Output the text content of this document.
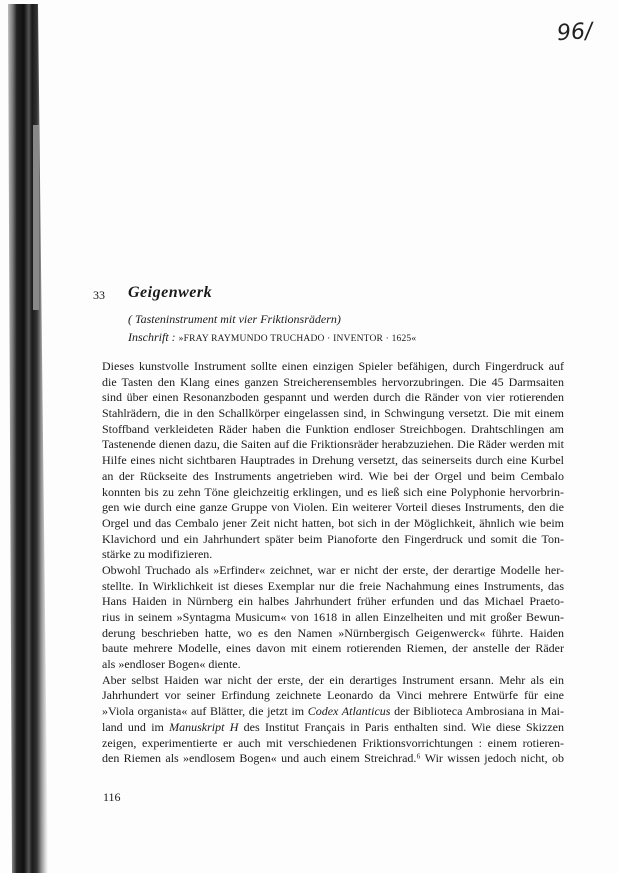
96/
33 Geigenwerk
( Tasteninstrument mit vier Friktionsrädern)
Inschrift : »FRAY RAYMUNDO TRUCHADO · INVENTOR · 1625«
Dieses kunstvolle Instrument sollte einen einzigen Spieler befähigen, durch Fingerdruck auf
die Tasten den Klang eines ganzen Streicherensembles hervorzubringen. Die 45 Darmsaiten
sind über einen Resonanzboden gespannt und werden durch die Ränder von vier rotierenden
Stahlrädern, die in den Schallkörper eingelassen sind, in Schwingung versetzt. Die mit einem
Stoffband verkleideten Räder haben die Funktion endloser Streichbogen. Drahtschlingen am
Tastenende dienen dazu, die Saiten auf die Friktionsräder herabzuziehen. Die Räder werden mit
Hilfe eines nicht sichtbaren Hauptrades in Drehung versetzt, das seinerseits durch eine Kurbel
an der Rückseite des Instruments angetrieben wird. Wie bei der Orgel und beim Cembalo
konnten bis zu zehn Töne gleichzeitig erklingen, und es ließ sich eine Polyphonie hervorbrin-
gen wie durch eine ganze Gruppe von Violen. Ein weiterer Vorteil dieses Instruments, den die
Orgel und das Cembalo jener Zeit nicht hatten, bot sich in der Möglichkeit, ähnlich wie beim
Klavichord und ein Jahrhundert später beim Pianoforte den Fingerdruck und somit die Ton-
stärke zu modifizieren.
Obwohl Truchado als »Erfinder« zeichnet, war er nicht der erste, der derartige Modelle her-
stellte. In Wirklichkeit ist dieses Exemplar nur die freie Nachahmung eines Instruments, das
Hans Haiden in Nürnberg ein halbes Jahrhundert früher erfunden und das Michael Praeto-
rius in seinem »Syntagma Musicum« von 1618 in allen Einzelheiten und mit großer Bewun-
derung beschrieben hatte, wo es den Namen »Nürnbergisch Geigenwerck« führte. Haiden
baute mehrere Modelle, eines davon mit einem rotierenden Riemen, der anstelle der Räder
als »endloser Bogen« diente.
Aber selbst Haiden war nicht der erste, der ein derartiges Instrument ersann. Mehr als ein
Jahrhundert vor seiner Erfindung zeichnete Leonardo da Vinci mehrere Entwürfe für eine
»Viola organista« auf Blätter, die jetzt im Codex Atlanticus der Biblioteca Ambrosiana in Mai-
land und im Manuskript H des Institut Français in Paris enthalten sind. Wie diese Skizzen
zeigen, experimentierte er auch mit verschiedenen Friktionsvorrichtungen : einem rotieren-
den Riemen als »endlosem Bogen« und auch einem Streichrad.⁶ Wir wissen jedoch nicht, ob
116
